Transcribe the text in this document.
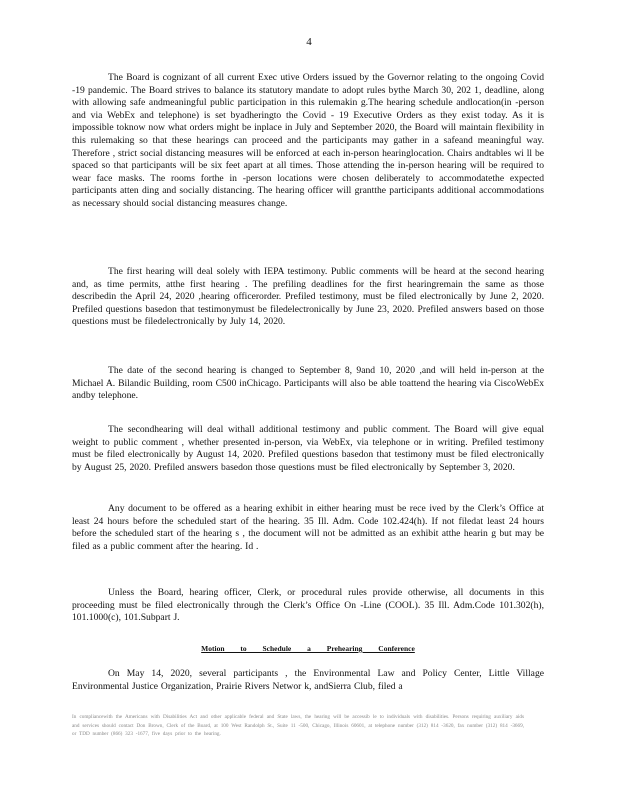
4

The Board is cognizant of all current Exec utive Orders issued by the Governor relating to the ongoing Covid -19 pandemic. The Board strives to balance its statutory mandate to adopt rules bythe March 30, 202 1, deadline, along with allowing safe andmeaningful public participation in this rulemakin g.The hearing schedule andlocation(in -person and via WebEx and telephone) is set byadheringto the Covid - 19 Executive Orders as they exist today. As it is impossible toknow now what orders might be inplace in July and September 2020, the Board will maintain flexibility in this rulemaking so that these hearings can proceed and the participants may gather in a safeand meaningful way. Therefore , strict social distancing measures will be enforced at each in-person hearinglocation. Chairs andtables wi ll be spaced so that participants will be six feet apart at all times. Those attending the in-person hearing will be required to wear face masks. The rooms forthe in -person locations were chosen deliberately to accommodatethe expected participants atten ding and socially distancing. The hearing officer will grantthe participants additional accommodations as necessary should social distancing measures change.

The first hearing will deal solely with IEPA testimony. Public comments will be heard at the second hearing and, as time permits, atthe first hearing . The prefiling deadlines for the first hearingremain the same as those describedin the April 24, 2020 ,hearing officerorder. Prefiled testimony, must be filed electronically by June 2, 2020. Prefiled questions basedon that testimonymust be filedelectronically by June 23, 2020. Prefiled answers based on those questions must be filedelectronically by July 14, 2020.

The date of the second hearing is changed to September 8, 9and 10, 2020 ,and will held in-person at the Michael A. Bilandic Building, room C500 inChicago. Participants will also be able toattend the hearing via CiscoWebEx andby telephone.

The secondhearing will deal withall additional testimony and public comment. The Board will give equal weight to public comment , whether presented in-person, via WebEx, via telephone or in writing. Prefiled testimony must be filed electronically by August 14, 2020. Prefiled questions basedon that testimony must be filed electronically by August 25, 2020. Prefiled answers basedon those questions must be filed electronically by September 3, 2020.

Any document to be offered as a hearing exhibit in either hearing must be rece ived by the Clerk’s Office at least 24 hours before the scheduled start of the hearing. 35 Ill. Adm. Code 102.424(h). If not filedat least 24 hours before the scheduled start of the hearing s , the document will not be admitted as an exhibit atthe hearin g but may be filed as a public comment after the hearing. Id .

Unless the Board, hearing officer, Clerk, or procedural rules provide otherwise, all documents in this proceeding must be filed electronically through the Clerk’s Office On -Line (COOL). 35 Ill. Adm.Code 101.302(h), 101.1000(c), 101.Subpart J.

Motion to Schedule a Prehearing Conference

On May 14, 2020, several participants , the Environmental Law and Policy Center, Little Village Environmental Justice Organization, Prairie Rivers Networ k, andSierra Club, filed a

In compliancewith the Americans with Disabilities Act and other applicable federal and State laws, the hearing will be accessib le to individuals with disabilities. Persons requiring auxiliary aids and services should contact Don Brown, Clerk of the Board, at 100 West Randolph St., Suite 11 -500, Chicago, Illinois 60601, at telephone number (312) 814 -3620, fax number (312) 814 -3669, or TDD number (866) 323 -1677, five days prior to the hearing.
